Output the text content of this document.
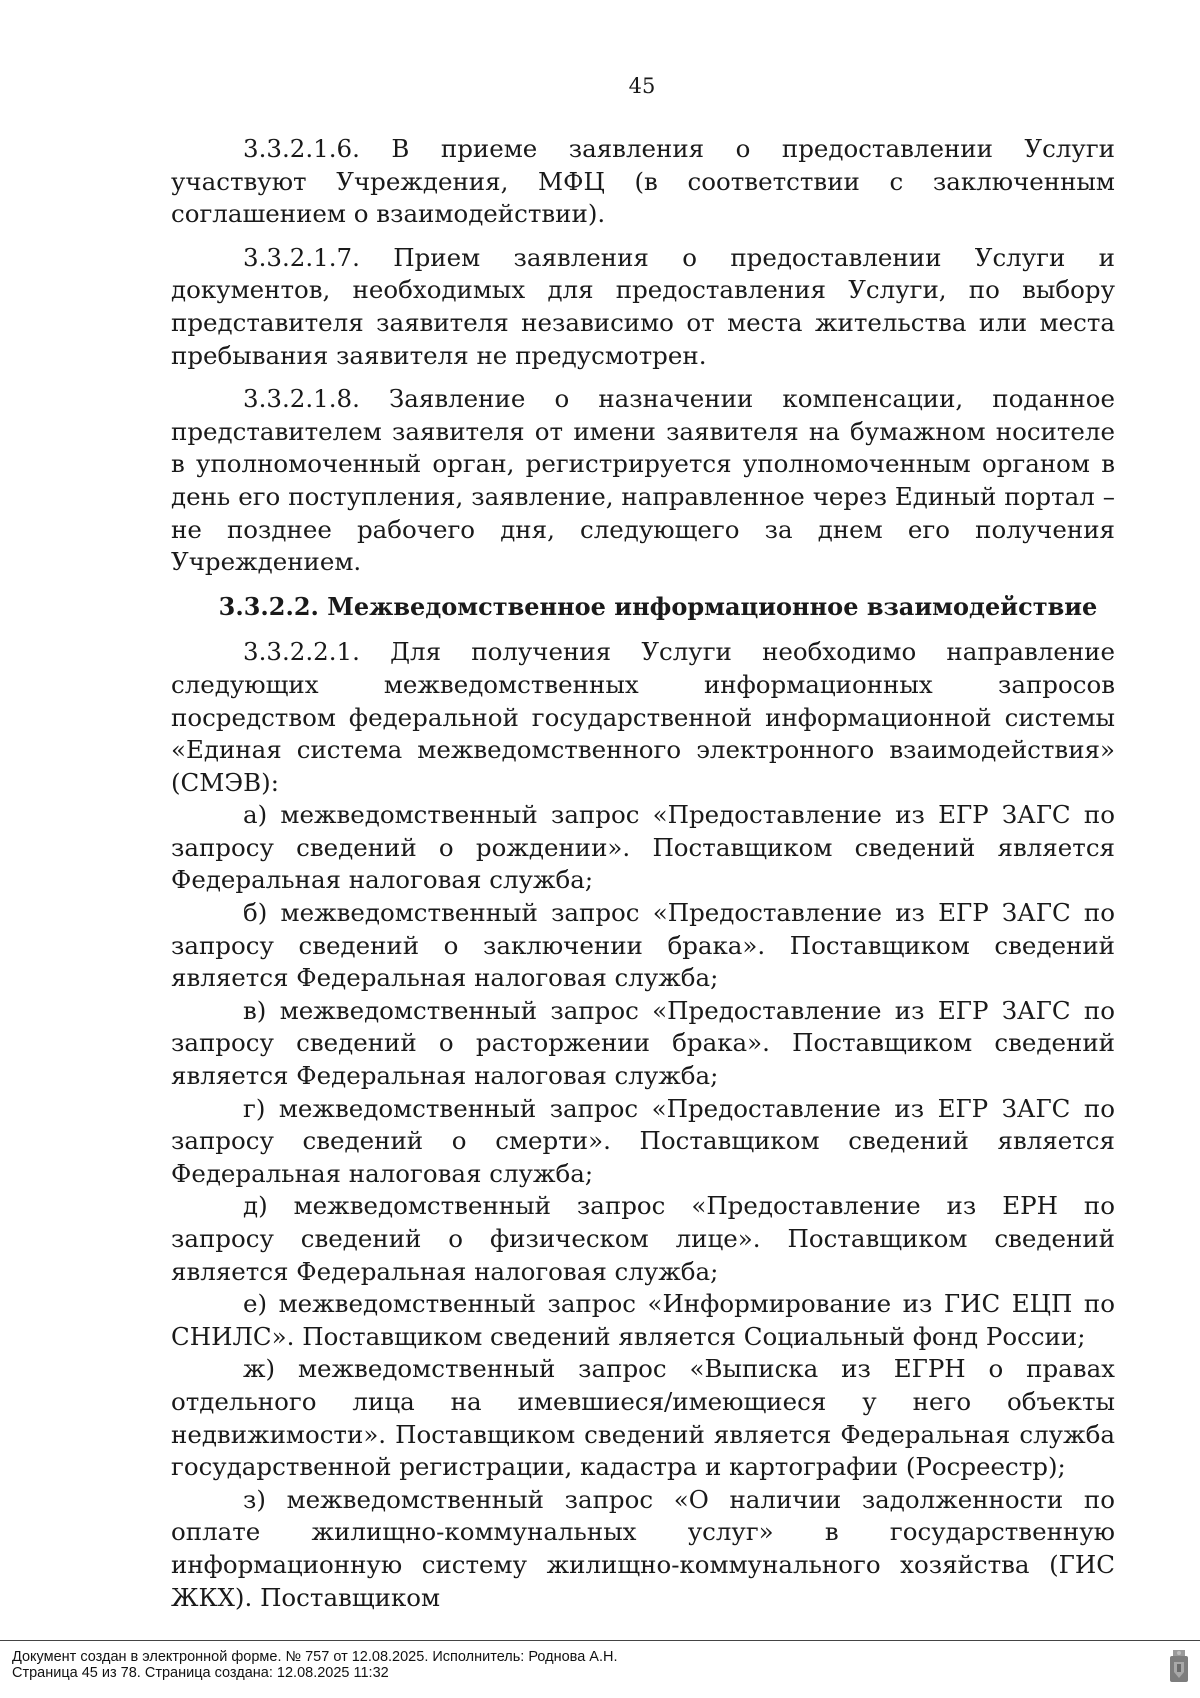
45

3.3.2.1.6. В приеме заявления о предоставлении Услуги участвуют Учреждения, МФЦ (в соответствии с заключенным соглашением о взаимодействии).

3.3.2.1.7. Прием заявления о предоставлении Услуги и документов, необходимых для предоставления Услуги, по выбору представителя заявителя независимо от места жительства или места пребывания заявителя не предусмотрен.

3.3.2.1.8. Заявление о назначении компенсации, поданное представителем заявителя от имени заявителя на бумажном носителе в уполномоченный орган, регистрируется уполномоченным органом в день его поступления, заявление, направленное через Единый портал – не позднее рабочего дня, следующего за днем его получения Учреждением.

3.3.2.2. Межведомственное информационное взаимодействие

3.3.2.2.1. Для получения Услуги необходимо направление следующих межведомственных информационных запросов посредством федеральной государственной информационной системы «Единая система межведомственного электронного взаимодействия» (СМЭВ):

а) межведомственный запрос «Предоставление из ЕГР ЗАГС по запросу сведений о рождении». Поставщиком сведений является Федеральная налоговая служба;

б) межведомственный запрос «Предоставление из ЕГР ЗАГС по запросу сведений о заключении брака». Поставщиком сведений является Федеральная налоговая служба;

в) межведомственный запрос «Предоставление из ЕГР ЗАГС по запросу сведений о расторжении брака». Поставщиком сведений является Федеральная налоговая служба;

г) межведомственный запрос «Предоставление из ЕГР ЗАГС по запросу сведений о смерти». Поставщиком сведений является Федеральная налоговая служба;

д) межведомственный запрос «Предоставление из ЕРН по запросу сведений о физическом лице». Поставщиком сведений является Федеральная налоговая служба;

е) межведомственный запрос «Информирование из ГИС ЕЦП по СНИЛС». Поставщиком сведений является Социальный фонд России;

ж) межведомственный запрос «Выписка из ЕГРН о правах отдельного лица на имевшиеся/имеющиеся у него объекты недвижимости». Поставщиком сведений является Федеральная служба государственной регистрации, кадастра и картографии (Росреестр);

з) межведомственный запрос «О наличии задолженности по оплате жилищно-коммунальных услуг» в государственную информационную систему жилищно-коммунального хозяйства (ГИС ЖКХ). Поставщиком

Документ создан в электронной форме. № 757 от 12.08.2025. Исполнитель: Роднова А.Н.
Страница 45 из 78. Страница создана: 12.08.2025 11:32
